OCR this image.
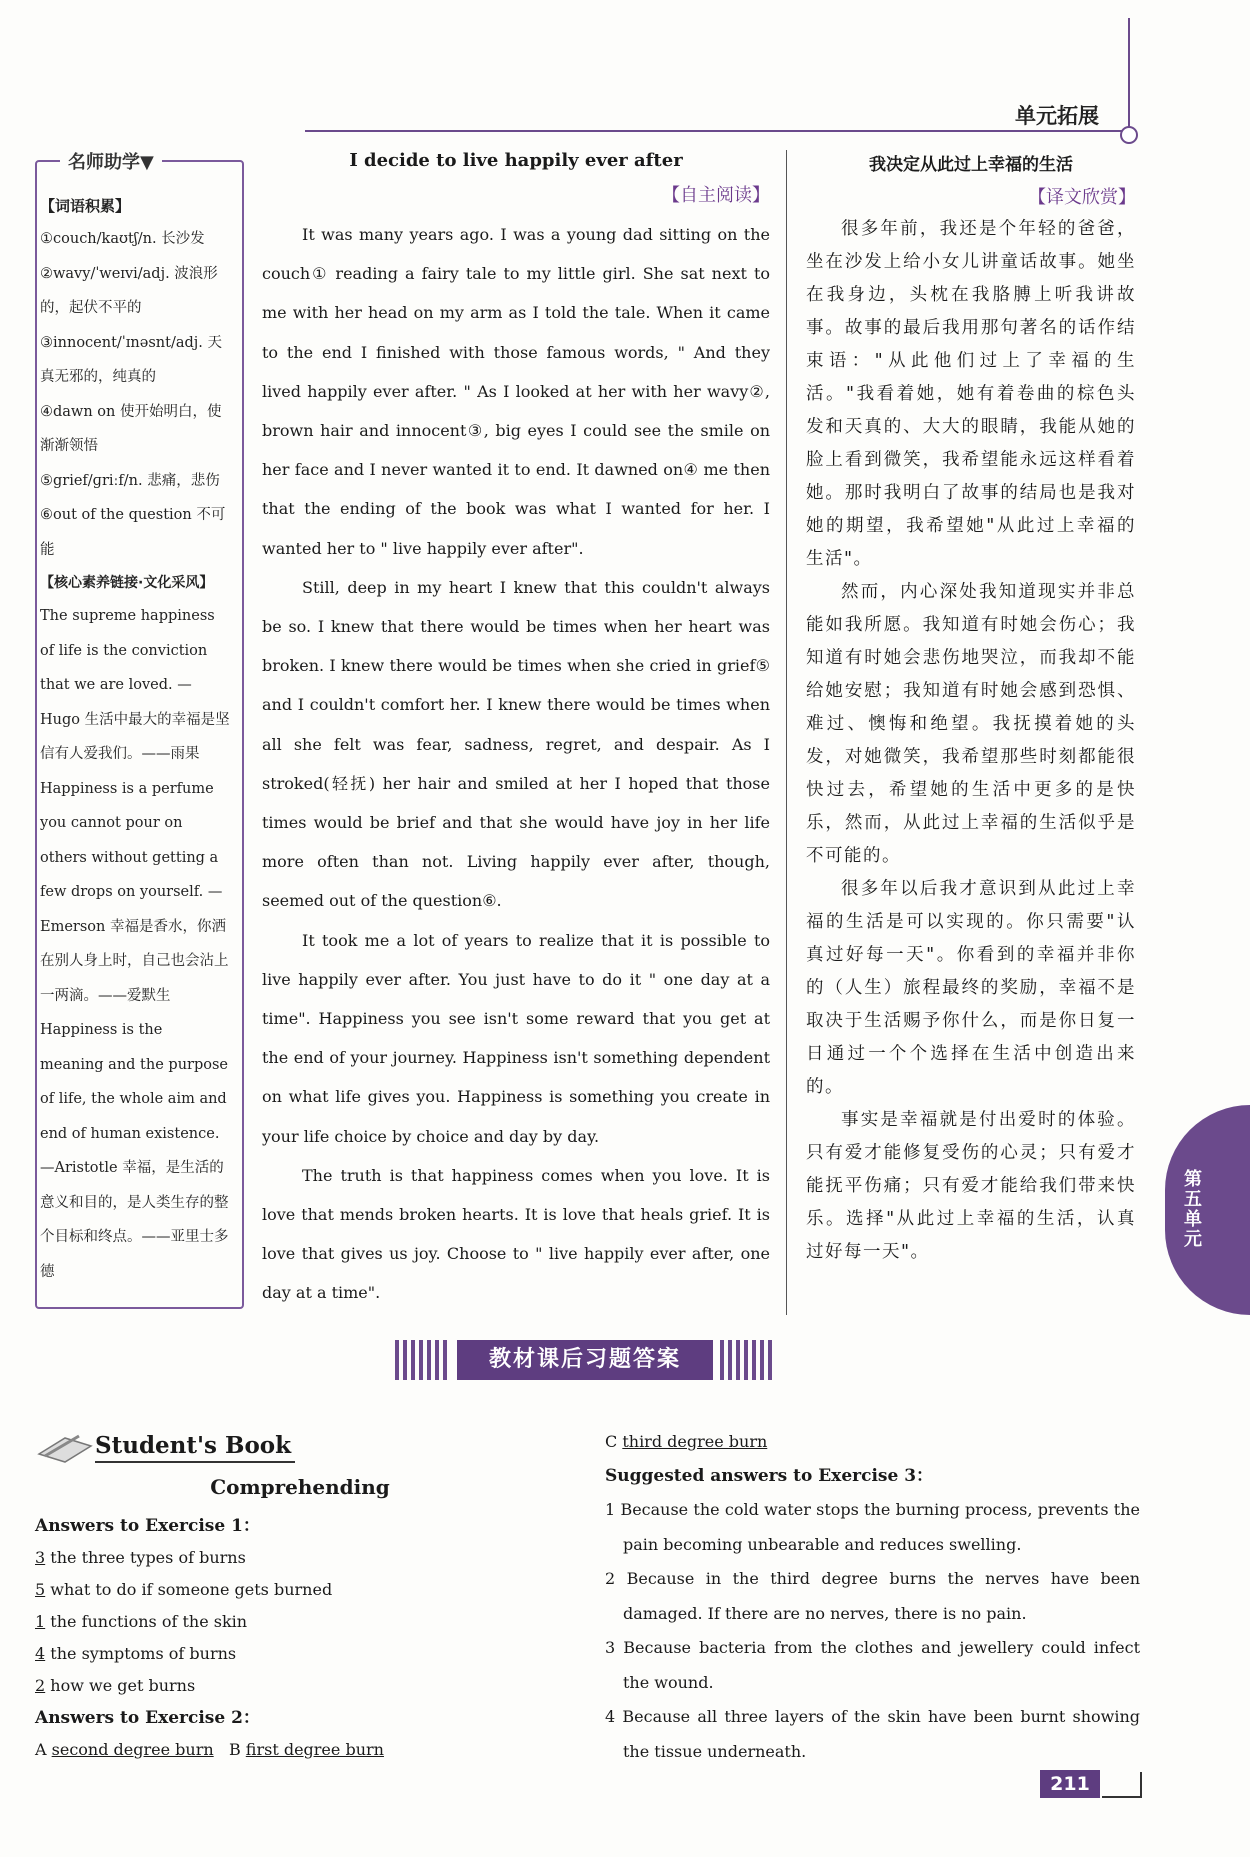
单元拓展
名师助学▼
【词语积累】
①couch/kaʊtʃ/n. 长沙发
②wavy/ˈweɪvi/adj. 波浪形的，起伏不平的
③innocent/ˈɪnəsnt/adj. 天真无邪的，纯真的
④dawn on 使开始明白，使渐渐领悟
⑤grief/ɡriːf/n. 悲痛，悲伤
⑥out of the question 不可能
【核心素养链接·文化采风】
The supreme happiness of life is the conviction that we are loved. —Hugo 生活中最大的幸福是坚信有人爱我们。——雨果
Happiness is a perfume you cannot pour on others without getting a few drops on yourself. —Emerson 幸福是香水，你洒在别人身上时，自己也会沾上一两滴。——爱默生
Happiness is the meaning and the purpose of life, the whole aim and end of human existence. —Aristotle 幸福，是生活的意义和目的，是人类生存的整个目标和终点。——亚里士多德
I decide to live happily ever after
【自主阅读】

It was many years ago. I was a young dad sitting on the couch① reading a fairy tale to my little girl. She sat next to me with her head on my arm as I told the tale. When it came to the end I finished with those famous words, " And they lived happily ever after. " As I looked at her with her wavy②, brown hair and innocent③, big eyes I could see the smile on her face and I never wanted it to end. It dawned on④ me then that the ending of the book was what I wanted for her. I wanted her to " live happily ever after".

Still, deep in my heart I knew that this couldn't always be so. I knew that there would be times when her heart was broken. I knew there would be times when she cried in grief⑤ and I couldn't comfort her. I knew there would be times when all she felt was fear, sadness, regret, and despair. As I stroked(轻抚) her hair and smiled at her I hoped that those times would be brief and that she would have joy in her life more often than not. Living happily ever after, though, seemed out of the question⑥.

It took me a lot of years to realize that it is possible to live happily ever after. You just have to do it " one day at a time". Happiness you see isn't some reward that you get at the end of your journey. Happiness isn't something dependent on what life gives you. Happiness is something you create in your life choice by choice and day by day.

The truth is that happiness comes when you love. It is love that mends broken hearts. It is love that heals grief. It is love that gives us joy. Choose to " live happily ever after, one day at a time".

我决定从此过上幸福的生活
【译文欣赏】

很多年前，我还是个年轻的爸爸，坐在沙发上给小女儿讲童话故事。她坐在我身边，头枕在我胳膊上听我讲故事。故事的最后我用那句著名的话作结束语："从此他们过上了幸福的生活。"我看着她，她有着卷曲的棕色头发和天真的、大大的眼睛，我能从她的脸上看到微笑，我希望能永远这样看着她。那时我明白了故事的结局也是我对她的期望，我希望她"从此过上幸福的生活"。

然而，内心深处我知道现实并非总能如我所愿。我知道有时她会伤心；我知道有时她会悲伤地哭泣，而我却不能给她安慰；我知道有时她会感到恐惧、难过、懊悔和绝望。我抚摸着她的头发，对她微笑，我希望那些时刻都能很快过去，希望她的生活中更多的是快乐，然而，从此过上幸福的生活似乎是不可能的。

很多年以后我才意识到从此过上幸福的生活是可以实现的。你只需要"认真过好每一天"。你看到的幸福并非你的（人生）旅程最终的奖励，幸福不是取决于生活赐予你什么，而是你日复一日通过一个个选择在生活中创造出来的。

事实是幸福就是付出爱时的体验。只有爱才能修复受伤的心灵；只有爱才能抚平伤痛；只有爱才能给我们带来快乐。选择"从此过上幸福的生活，认真过好每一天"。

第五单元
教材课后习题答案
Student's Book
Comprehending
Answers to Exercise 1：
3 the three types of burns
5 what to do if someone gets burned
1 the functions of the skin
4 the symptoms of burns
2 how we get burns
Answers to Exercise 2：
A second degree burn B first degree burn
C third degree burn
Suggested answers to Exercise 3：
1 Because the cold water stops the burning process, prevents the pain becoming unbearable and reduces swelling.
2 Because in the third degree burns the nerves have been damaged. If there are no nerves, there is no pain.
3 Because bacteria from the clothes and jewellery could infect the wound.
4 Because all three layers of the skin have been burnt showing the tissue underneath.
211
